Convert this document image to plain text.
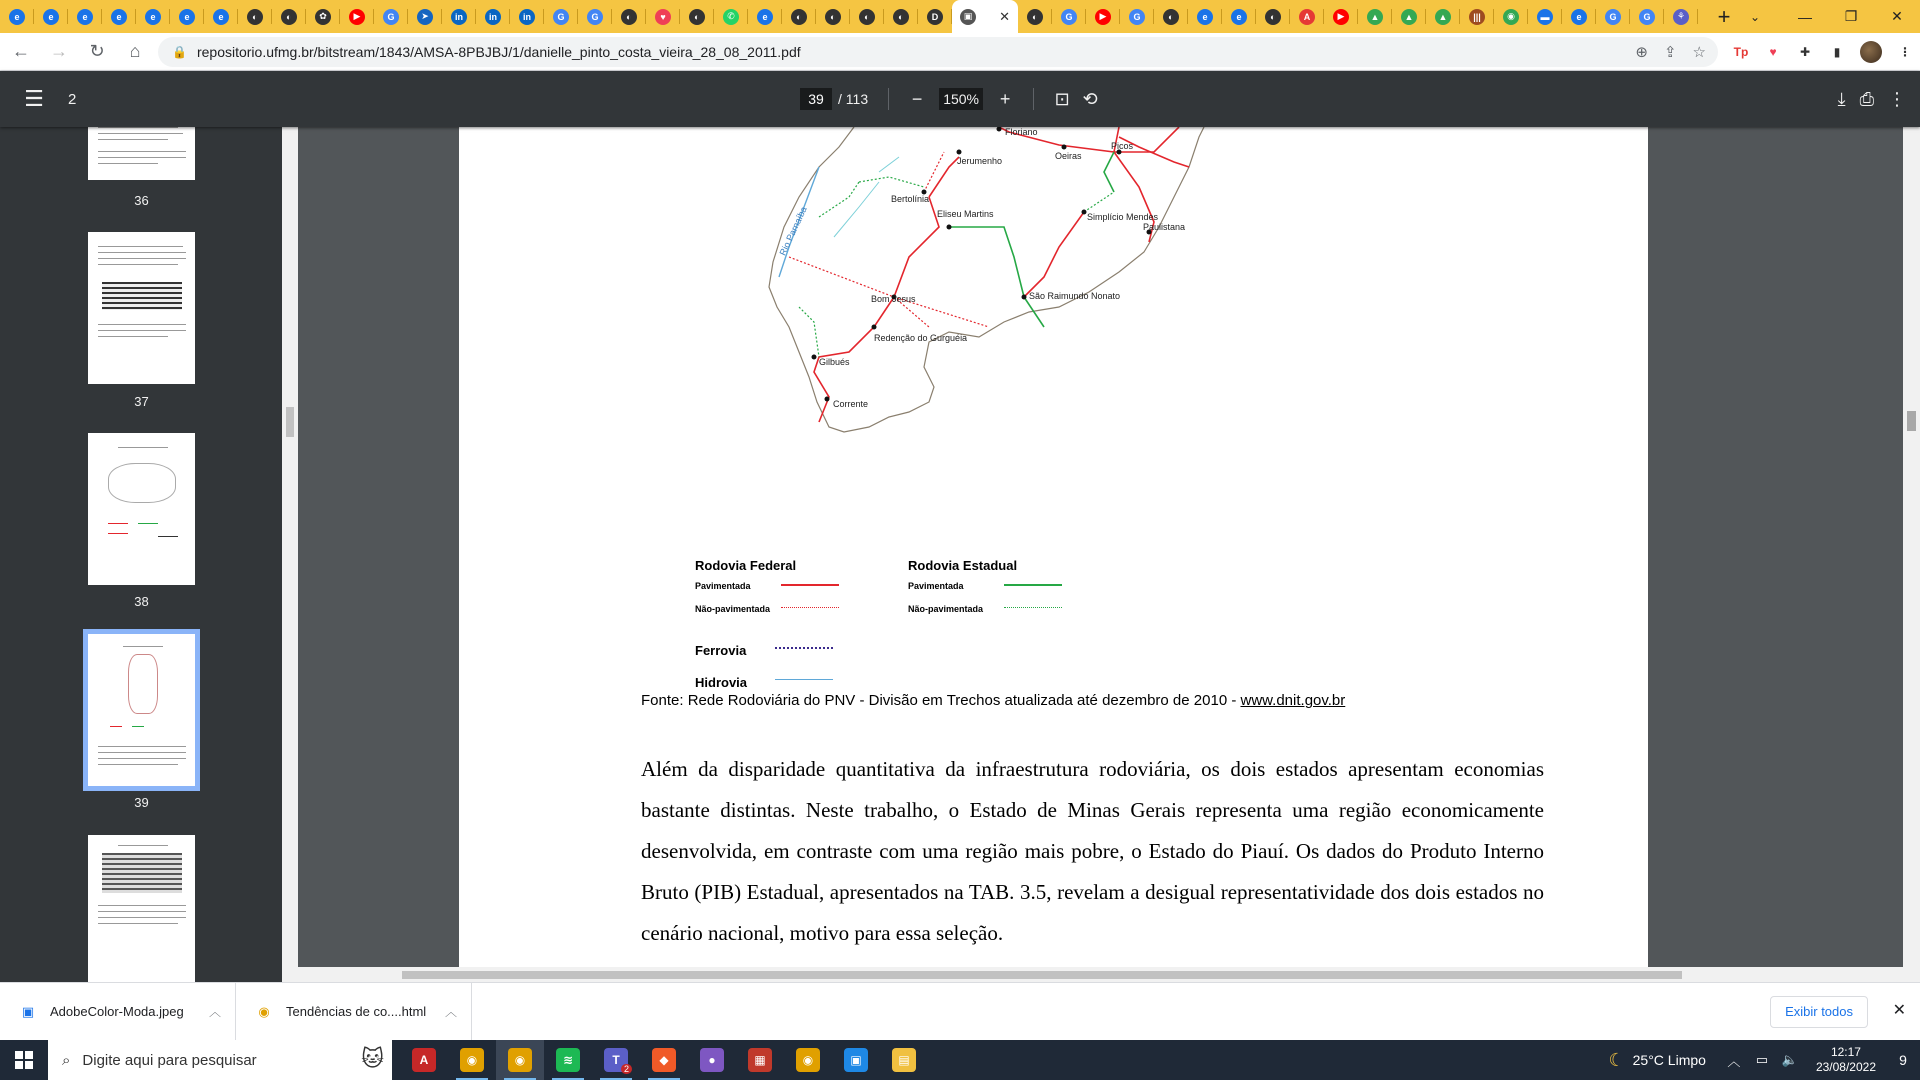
e	e	e	e	e	e	e	◐	◐	✿	▶	G	➤	in	in	in	G	G	◐	♥	◐	✆	e	◐	◐	◐	◐	D	▣ ✕	◐	G	▶	G	◐	e	e	◐	A	▶	▲	▲	▲	|||	◉	▬	e	G	G	⚘	+	⌄	—	❐	✕
←	→	↻	⌂	🔒 repositorio.ufmg.br/bitstream/1843/AMSA-8PBJBJ/1/danielle_pinto_costa_vieira_28_08_2011.pdf	⊕ ⇪ ☆ Tp	♥	✚	▮	⋮
☰	2	39	/ 113	−	150%	+	⊡ ⟲	⤓ ⎙ ⋮
36
37
38
39
Floriano
Jerumenho	Oeiras
Picos
Bertolínia
Eliseu Martins	Simplício Mendes
Paulistana
Bom Jesus	São Raimundo Nonato
Redenção do Gurguéia
Gilbués
Corrente
Rio Parnaíba
Rodovia Federal	Rodovia Estadual
Pavimentada
Não-pavimentada
Pavimentada
Não-pavimentada
Ferrovia
Hidrovia
Fonte: Rede Rodoviária do PNV - Divisão em Trechos atualizada até dezembro de 2010 - www.dnit.gov.br
Além da disparidade quantitativa da infraestrutura rodoviária, os dois estados apresentam economias bastante distintas. Neste trabalho, o Estado de Minas Gerais representa uma região economicamente desenvolvida, em contraste com uma região mais pobre, o Estado do Piauí. Os dados do Produto Interno Bruto (PIB) Estadual, apresentados na TAB. 3.5, revelam a desigual representatividade dos dois estados no cenário nacional, motivo para essa seleção.
▣ AdobeColor-Moda.jpeg ︿	◉ Tendências de co....html ︿	Exibir todos	✕
⌕ Digite aqui para pesquisar	🐱	A	◉	◉	≋	T
2
◆	●	▦	◉	▣	▤	☾ 25°C Limpo	︿	▭	🔈	12:17
23/08/2022	9
